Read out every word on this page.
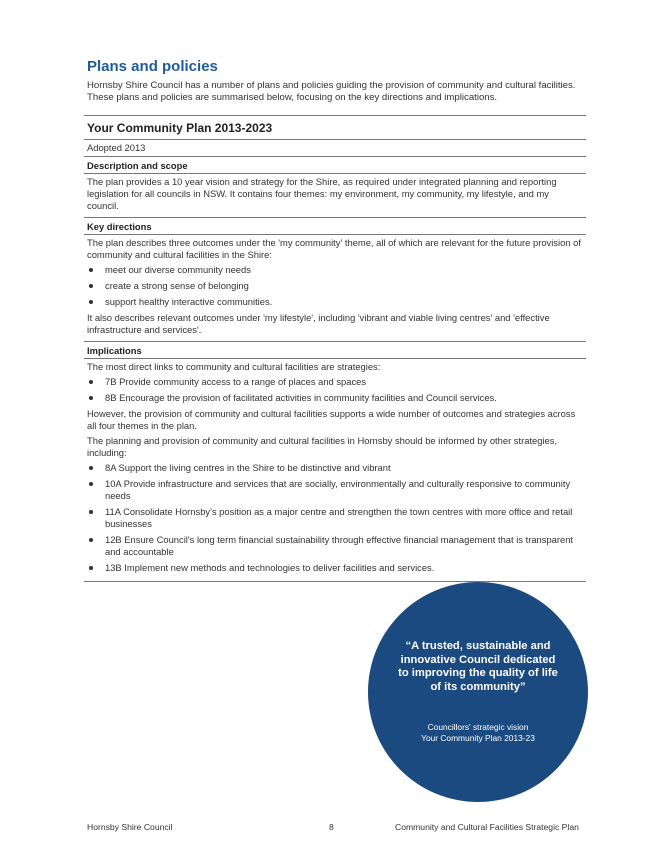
Plans and policies

Hornsby Shire Council has a number of plans and policies guiding the provision of community and cultural facilities. These plans and policies are summarised below, focusing on the key directions and implications.

Your Community Plan 2013-2023
Adopted 2013
Description and scope

The plan provides a 10 year vision and strategy for the Shire, as required under integrated planning and reporting legislation for all councils in NSW. It contains four themes: my environment, my community, my lifestyle, and my council.

Key directions

The plan describes three outcomes under the 'my community' theme, all of which are relevant for the future provision of community and cultural facilities in the Shire:

meet our diverse community needs
create a strong sense of belonging
support healthy interactive communities.

It also describes relevant outcomes under 'my lifestyle', including 'vibrant and viable living centres' and 'effective infrastructure and services'.

Implications

The most direct links to community and cultural facilities are strategies:

7B Provide community access to a range of places and spaces
8B Encourage the provision of facilitated activities in community facilities and Council services.

However, the provision of community and cultural facilities supports a wide number of outcomes and strategies across all four themes in the plan.

The planning and provision of community and cultural facilities in Hornsby should be informed by other strategies, including:

8A Support the living centres in the Shire to be distinctive and vibrant
10A Provide infrastructure and services that are socially, environmentally and culturally responsive to community needs
11A Consolidate Hornsby's position as a major centre and strengthen the town centres with more office and retail businesses
12B Ensure Council's long term financial sustainability through effective financial management that is transparent and accountable
13B Implement new methods and technologies to deliver facilities and services.
“A trusted, sustainable and innovative Council dedicated to improving the quality of life of its community”
Councillors' strategic vision
Your Community Plan 2013-23
Hornsby Shire Council	8	Community and Cultural Facilities Strategic Plan
